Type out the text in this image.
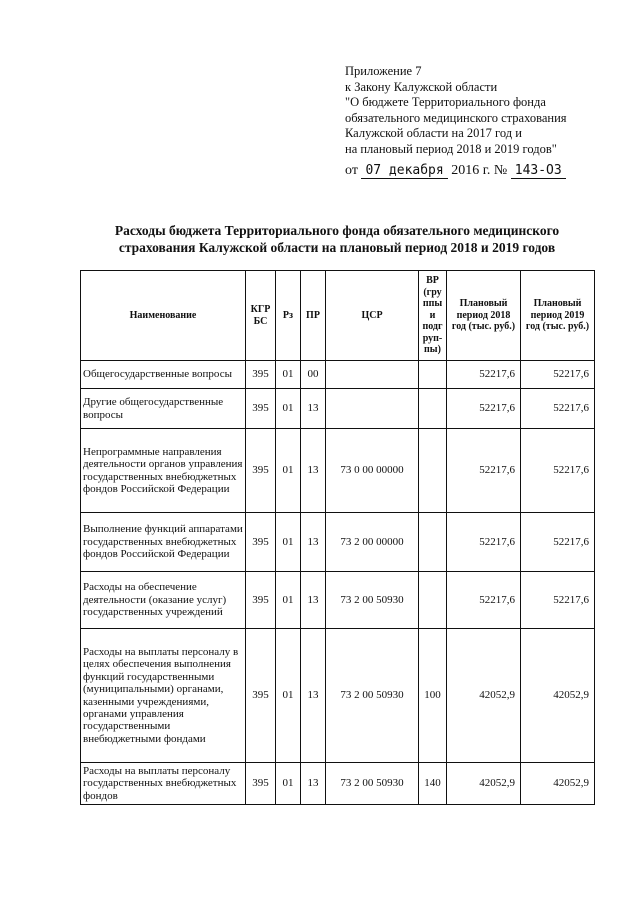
Приложение 7
к Закону Калужской области
"О бюджете Территориального фонда
обязательного медицинского страхования
Калужской области на 2017 год и
на плановый период 2018 и 2019 годов"
от 07 декабря 2016 г. № 143-ОЗ
Расходы бюджета Территориального фонда обязательного медицинского страхования Калужской области на плановый период 2018 и 2019 годов
Наименование	КГР БС	Рз	ПР	ЦСР	ВР (гру ппы и подг руп- пы)	Плановый период 2018 год (тыс. руб.)	Плановый период 2019 год (тыс. руб.)
Общегосударственные вопросы	395	01	00			52217,6	52217,6
Другие общегосударственные вопросы	395	01	13			52217,6	52217,6
Непрограммные направления деятельности органов управления государственных внебюджетных фондов Российской Федерации	395	01	13	73 0 00 00000		52217,6	52217,6
Выполнение функций аппаратами государственных внебюджетных фондов Российской Федерации	395	01	13	73 2 00 00000		52217,6	52217,6
Расходы на обеспечение деятельности (оказание услуг) государственных учреждений	395	01	13	73 2 00 50930		52217,6	52217,6
Расходы на выплаты персоналу в целях обеспечения выполнения функций государственными (муниципальными) органами, казенными учреждениями, органами управления государственными внебюджетными фондами	395	01	13	73 2 00 50930	100	42052,9	42052,9
Расходы на выплаты персоналу государственных внебюджетных фондов	395	01	13	73 2 00 50930	140	42052,9	42052,9
